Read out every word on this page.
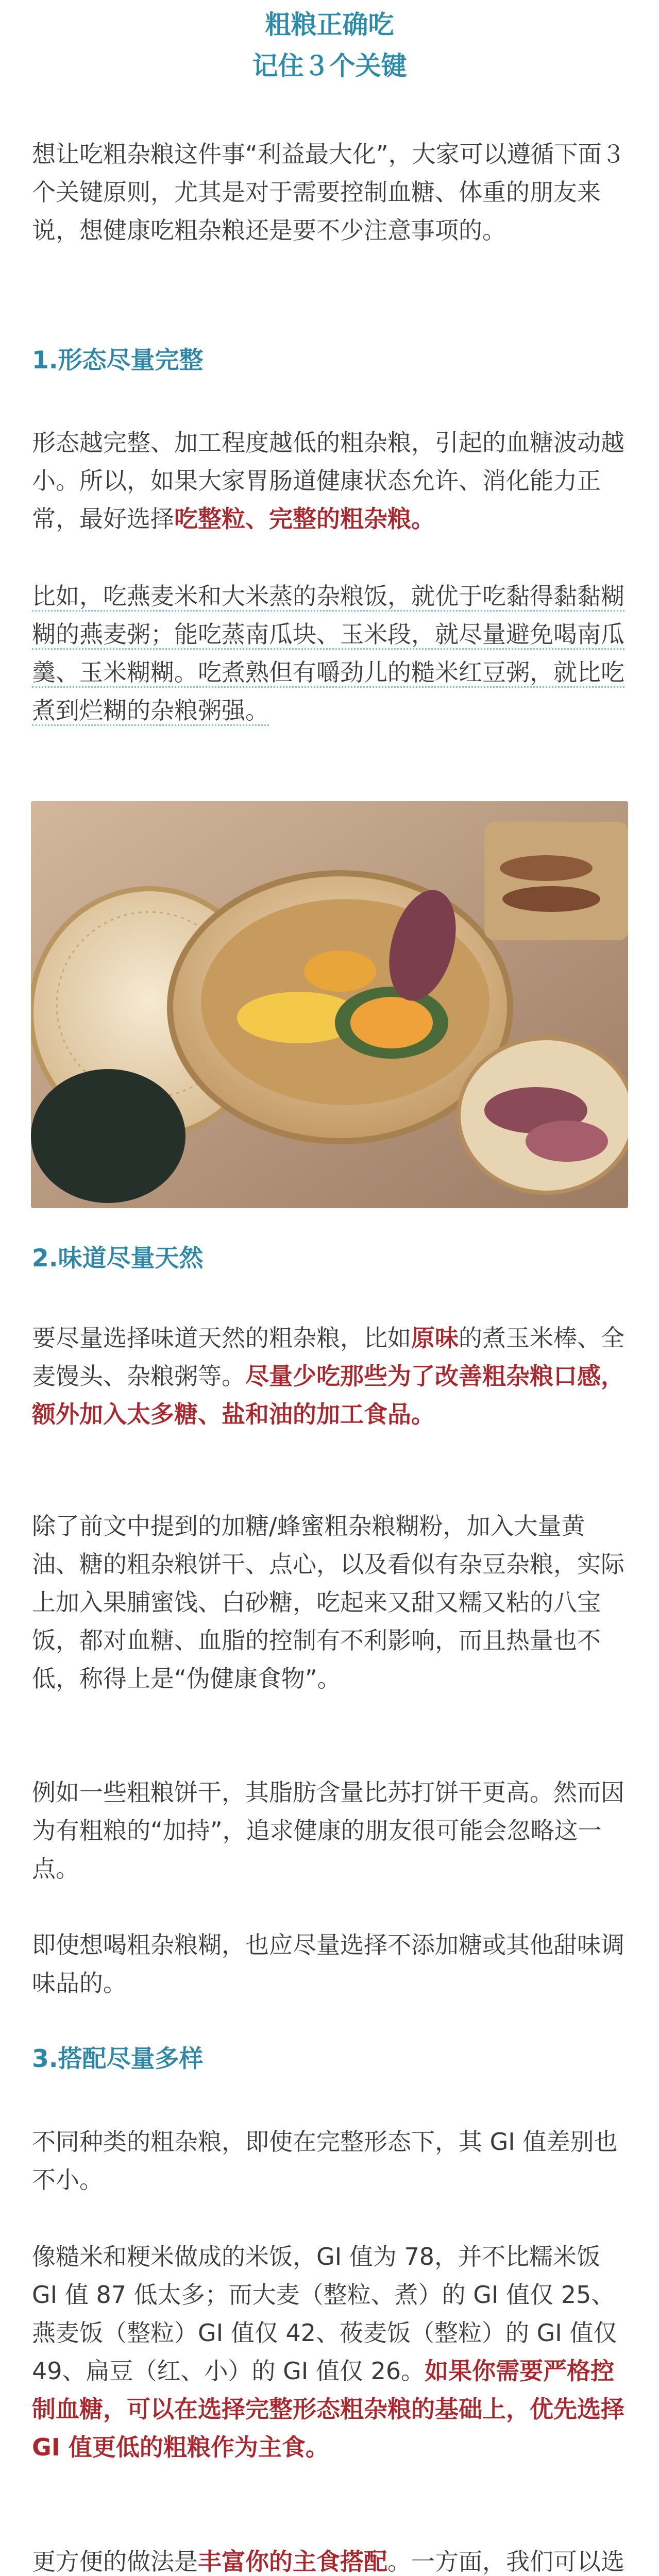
粗粮正确吃
记住３个关键
想让吃粗杂粮这件事“利益最大化”，大家可以遵循下面３个关键原则，尤其是对于需要控制血糖、体重的朋友来说，想健康吃粗杂粮还是要不少注意事项的。
1.形态尽量完整
形态越完整、加工程度越低的粗杂粮，引起的血糖波动越小。所以，如果大家胃肠道健康状态允许、消化能力正常，最好选择吃整粒、完整的粗杂粮。
比如，吃燕麦米和大米蒸的杂粮饭，就优于吃黏得黏黏糊糊的燕麦粥；能吃蒸南瓜块、玉米段，就尽量避免喝南瓜羹、玉米糊糊。吃煮熟但有嚼劲儿的糙米红豆粥，就比吃煮到烂糊的杂粮粥强。
2.味道尽量天然
要尽量选择味道天然的粗杂粮，比如原味的煮玉米棒、全麦馒头、杂粮粥等。尽量少吃那些为了改善粗杂粮口感，额外加入太多糖、盐和油的加工食品。
除了前文中提到的加糖/蜂蜜粗杂粮糊粉，加入大量黄油、糖的粗杂粮饼干、点心，以及看似有杂豆杂粮，实际上加入果脯蜜饯、白砂糖，吃起来又甜又糯又粘的八宝饭，都对血糖、血脂的控制有不利影响，而且热量也不低，称得上是“伪健康食物”。
例如一些粗粮饼干，其脂肪含量比苏打饼干更高。然而因为有粗粮的“加持”，追求健康的朋友很可能会忽略这一点。
即使想喝粗杂粮糊，也应尽量选择不添加糖或其他甜味调味品的。
3.搭配尽量多样
不同种类的粗杂粮，即使在完整形态下，其 GI 值差别也不小。
像糙米和粳米做成的米饭，GI 值为 78，并不比糯米饭 GI 值 87 低太多；而大麦（整粒、煮）的 GI 值仅 25、燕麦饭（整粒）GI 值仅 42、莜麦饭（整粒）的 GI 值仅 49、扁豆（红、小）的 GI 值仅 26。如果你需要严格控制血糖，可以在选择完整形态粗杂粮的基础上，优先选择 GI 值更低的粗粮作为主食。
更方便的做法是丰富你的主食搭配。一方面，我们可以选
